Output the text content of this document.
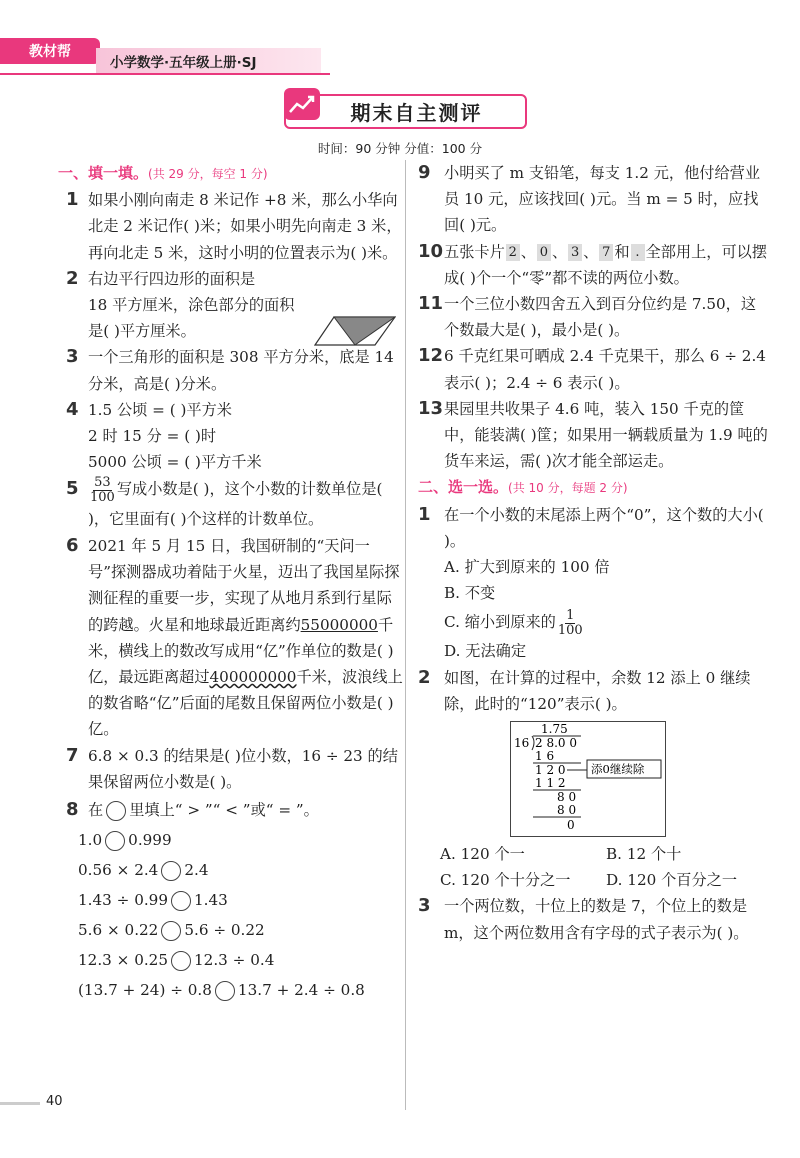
教材帮
小学数学·五年级上册·SJ
期末自主测评
时间：90 分钟 分值：100 分
一、填一填。(共 29 分，每空 1 分)
1 如果小刚向南走 8 米记作 +8 米，那么小华向北走 2 米记作( )米；如果小明先向南走 3 米，再向北走 5 米，这时小明的位置表示为( )米。
2 右边平行四边形的面积是
18 平方厘米，涂色部分的面积
是( )平方厘米。
3 一个三角形的面积是 308 平方分米，底是 14 分米，高是( )分米。
4 1.5 公顷 = ( )平方米
2 时 15 分 = ( )时
5000 公顷 = ( )平方千米
$5 \frac{53}{100}$ 写成小数是( )，这个小数的计数单位是( )，它里面有( )个这样的计数单位。
6 2021 年 5 月 15 日，我国研制的“天问一号”探测器成功着陆于火星，迈出了我国星际探测征程的重要一步，实现了从地月系到行星际的跨越。火星和地球最近距离约55000000千米，横线上的数改写成用“亿”作单位的数是( )亿，最远距离超过400000000千米，波浪线上的数省略“亿”后面的尾数且保留两位小数是( )亿。
7 6.8 × 0.3 的结果是( )位小数，16 ÷ 23 的结果保留两位小数是( )。
8 在 里填上“ > ”“ < ”或“ = ”。
1.0 0.999
0.56 × 2.4 2.4
1.43 ÷ 0.99 1.43
5.6 × 0.22 5.6 ÷ 0.22
12.3 × 0.25 12.3 ÷ 0.4
(13.7 + 24) ÷ 0.8 13.7 + 2.4 ÷ 0.8
9 小明买了 m 支铅笔，每支 1.2 元，他付给营业员 10 元，应该找回( )元。当 m = 5 时，应找回( )元。
10 五张卡片 2 、 0 、 3 、 7 和 . 全部用上，可以摆成( )个一个“零”都不读的两位小数。
11 一个三位小数四舍五入到百分位约是 7.50，这个数最大是( )，最小是( )。
12 6 千克红果可晒成 2.4 千克果干，那么 6 ÷ 2.4 表示( )；2.4 ÷ 6 表示( )。
13 果园里共收果子 4.6 吨，装入 150 千克的筐中，能装满( )筐；如果用一辆载质量为 1.9 吨的货车来运，需( )次才能全部运走。
二、选一选。(共 10 分，每题 2 分)
1 在一个小数的末尾添上两个“0”，这个数的大小( )。
A. 扩大到原来的 100 倍
B. 不变
C. 缩小到原来的 $\frac{1}{100}$
D. 无法确定
2 如图，在计算的过程中，余数 12 添上 0 继续除，此时的“120”表示( )。
1.75
16 2 8.0 0
1 6
1 2 0
1 1 2
8 0
8 0
0
添0继续除
A. 120 个一	B. 12 个十
C. 120 个十分之一	D. 120 个百分之一
3 一个两位数，十位上的数是 7，个位上的数是 m，这个两位数用含有字母的式子表示为( )。
40
